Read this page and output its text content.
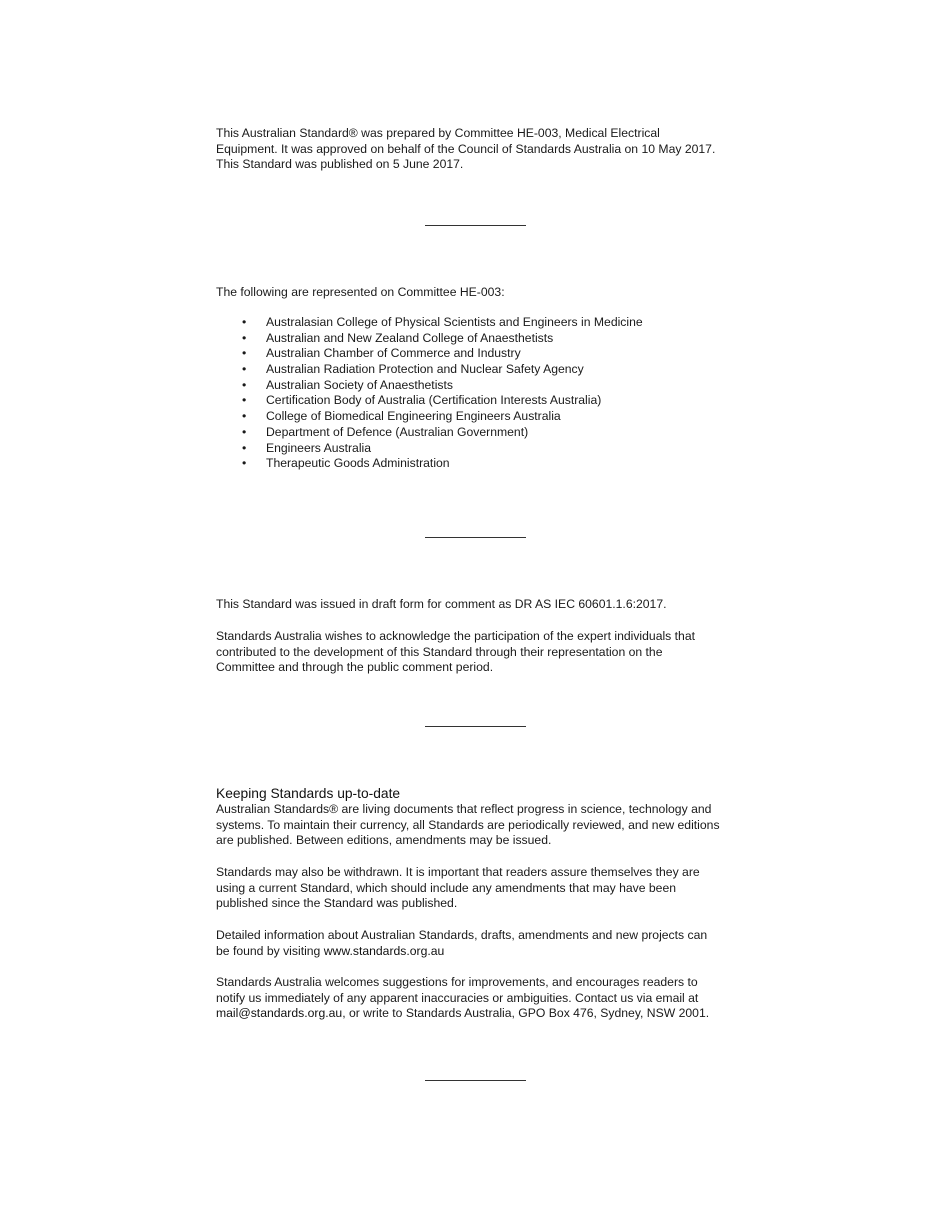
This Australian Standard® was prepared by Committee HE-003, Medical Electrical

Equipment. It was approved on behalf of the Council of Standards Australia on 10 May 2017.

This Standard was published on 5 June 2017.

The following are represented on Committee HE-003:

• Australasian College of Physical Scientists and Engineers in Medicine
• Australian and New Zealand College of Anaesthetists
• Australian Chamber of Commerce and Industry
• Australian Radiation Protection and Nuclear Safety Agency
• Australian Society of Anaesthetists
• Certification Body of Australia (Certification Interests Australia)
• College of Biomedical Engineering Engineers Australia
• Department of Defence (Australian Government)
• Engineers Australia
• Therapeutic Goods Administration

This Standard was issued in draft form for comment as DR AS IEC 60601.1.6:2017.

Standards Australia wishes to acknowledge the participation of the expert individuals that

contributed to the development of this Standard through their representation on the

Committee and through the public comment period.

Keeping Standards up-to-date

Australian Standards® are living documents that reflect progress in science, technology and

systems. To maintain their currency, all Standards are periodically reviewed, and new editions

are published. Between editions, amendments may be issued.

Standards may also be withdrawn. It is important that readers assure themselves they are

using a current Standard, which should include any amendments that may have been

published since the Standard was published.

Detailed information about Australian Standards, drafts, amendments and new projects can

be found by visiting www.standards.org.au

Standards Australia welcomes suggestions for improvements, and encourages readers to

notify us immediately of any apparent inaccuracies or ambiguities. Contact us via email at

mail@standards.org.au, or write to Standards Australia, GPO Box 476, Sydney, NSW 2001.
